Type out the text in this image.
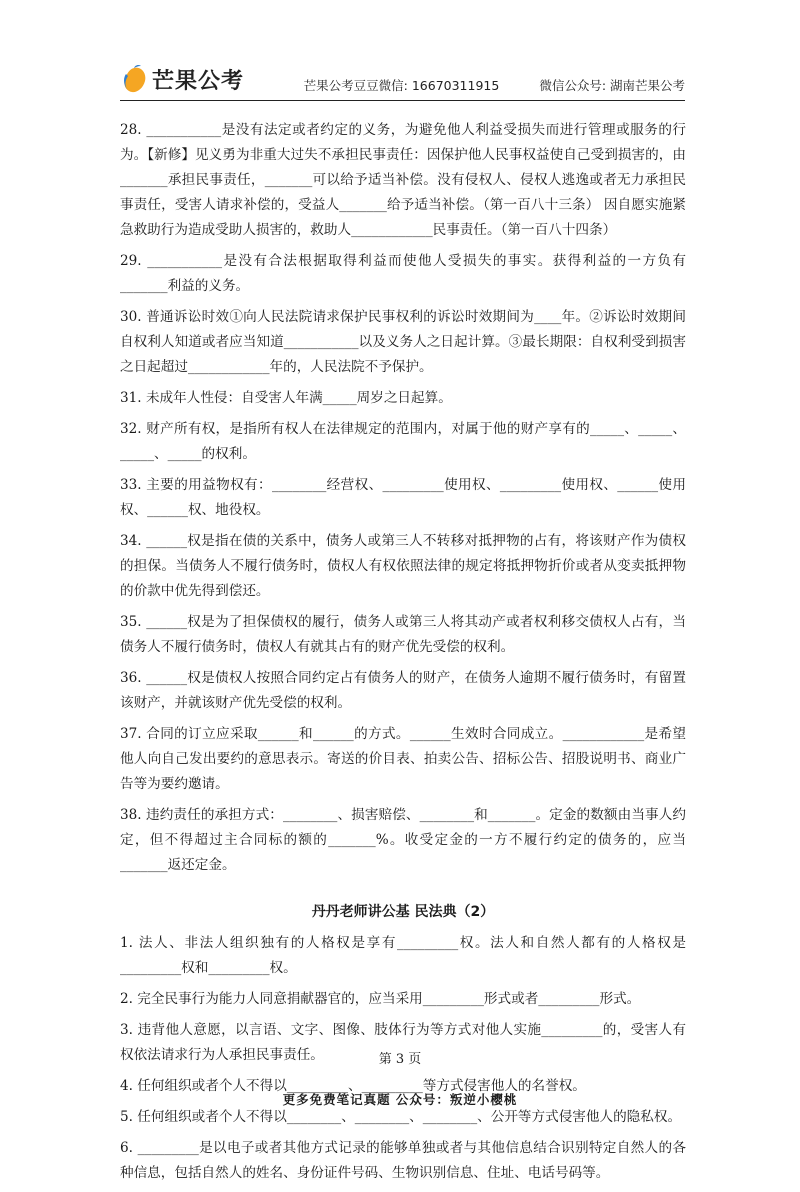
芒果公考	芒果公考豆豆微信: 16670311915	微信公众号: 湖南芒果公考

28. ___________是没有法定或者约定的义务，为避免他人利益受损失而进行管理或服务的行为。【新修】见义勇为非重大过失不承担民事责任：因保护他人民事权益使自己受到损害的，由_______承担民事责任，_______可以给予适当补偿。没有侵权人、侵权人逃逸或者无力承担民事责任，受害人请求补偿的，受益人_______给予适当补偿。（第一百八十三条） 因自愿实施紧急救助行为造成受助人损害的，救助人____________民事责任。（第一百八十四条）

29. ___________是没有合法根据取得利益而使他人受损失的事实。获得利益的一方负有_______利益的义务。

30. 普通诉讼时效①向人民法院请求保护民事权利的诉讼时效期间为____年。②诉讼时效期间自权利人知道或者应当知道___________以及义务人之日起计算。③最长期限：自权利受到损害之日起超过____________年的，人民法院不予保护。

31. 未成年人性侵：自受害人年满_____周岁之日起算。

32. 财产所有权，是指所有权人在法律规定的范围内，对属于他的财产享有的_____、_____、_____、_____的权利。

33. 主要的用益物权有：________经营权、_________使用权、_________使用权、______使用权、______权、地役权。

34. ______权是指在债的关系中，债务人或第三人不转移对抵押物的占有，将该财产作为债权的担保。当债务人不履行债务时，债权人有权依照法律的规定将抵押物折价或者从变卖抵押物的价款中优先得到偿还。

35. ______权是为了担保债权的履行，债务人或第三人将其动产或者权利移交债权人占有，当债务人不履行债务时，债权人有就其占有的财产优先受偿的权利。

36. ______权是债权人按照合同约定占有债务人的财产，在债务人逾期不履行债务时，有留置该财产，并就该财产优先受偿的权利。

37. 合同的订立应采取______和______的方式。______生效时合同成立。____________是希望他人向自己发出要约的意思表示。寄送的价目表、拍卖公告、招标公告、招股说明书、商业广告等为要约邀请。

38. 违约责任的承担方式：________、损害赔偿、________和_______。定金的数额由当事人约定，但不得超过主合同标的额的_______%。收受定金的一方不履行约定的债务的，应当_______返还定金。

丹丹老师讲公基 民法典（2）

1. 法人、非法人组织独有的人格权是享有_________权。法人和自然人都有的人格权是_________权和_________权。

2. 完全民事行为能力人同意捐献器官的，应当采用_________形式或者_________形式。

3. 违背他人意愿，以言语、文字、图像、肢体行为等方式对他人实施_________的，受害人有权依法请求行为人承担民事责任。

4. 任何组织或者个人不得以_________、_________等方式侵害他人的名誉权。

5. 任何组织或者个人不得以________、________、________、公开等方式侵害他人的隐私权。

6. _________是以电子或者其他方式记录的能够单独或者与其他信息结合识别特定自然人的各种信息，包括自然人的姓名、身份证件号码、生物识别信息、住址、电话号码等。

第 3 页
更多免费笔记真题 公众号：叛逆小樱桃
